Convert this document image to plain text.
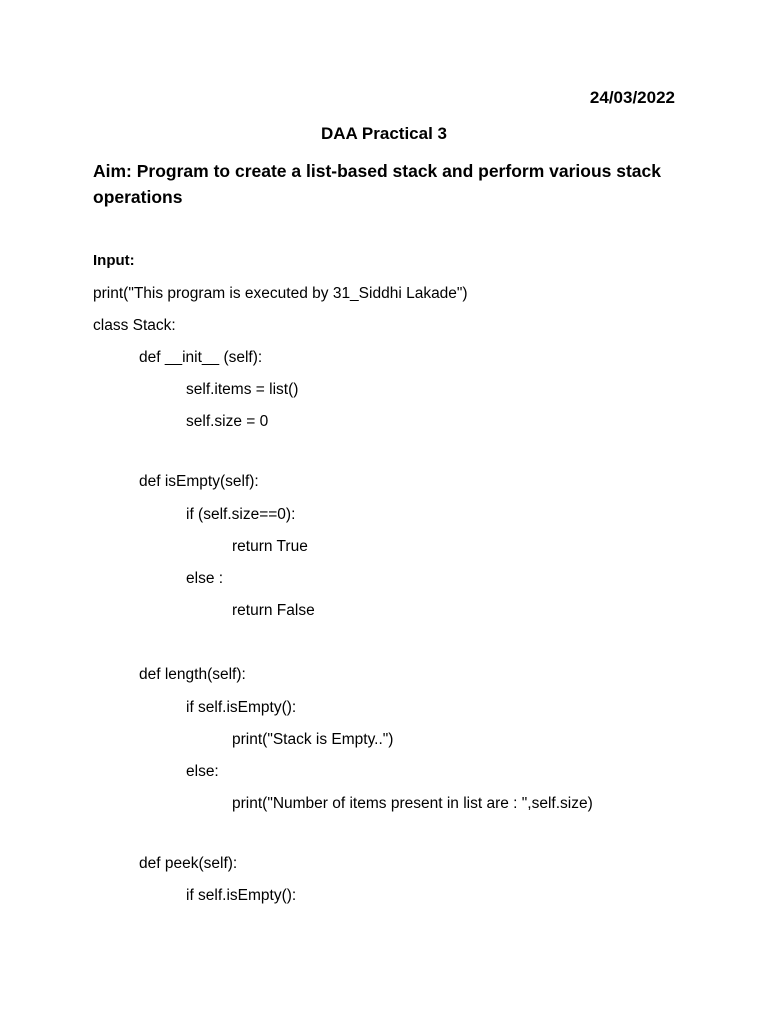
24/03/2022
DAA Practical 3
Aim: Program to create a list-based stack and perform various stack operations
Input:
print("This program is executed by 31_Siddhi Lakade")
class Stack:
def __init__ (self):
self.items = list()
self.size = 0
def isEmpty(self):
if (self.size==0):
return True
else :
return False
def length(self):
if self.isEmpty():
print("Stack is Empty..")
else:
print("Number of items present in list are : ",self.size)
def peek(self):
if self.isEmpty():
